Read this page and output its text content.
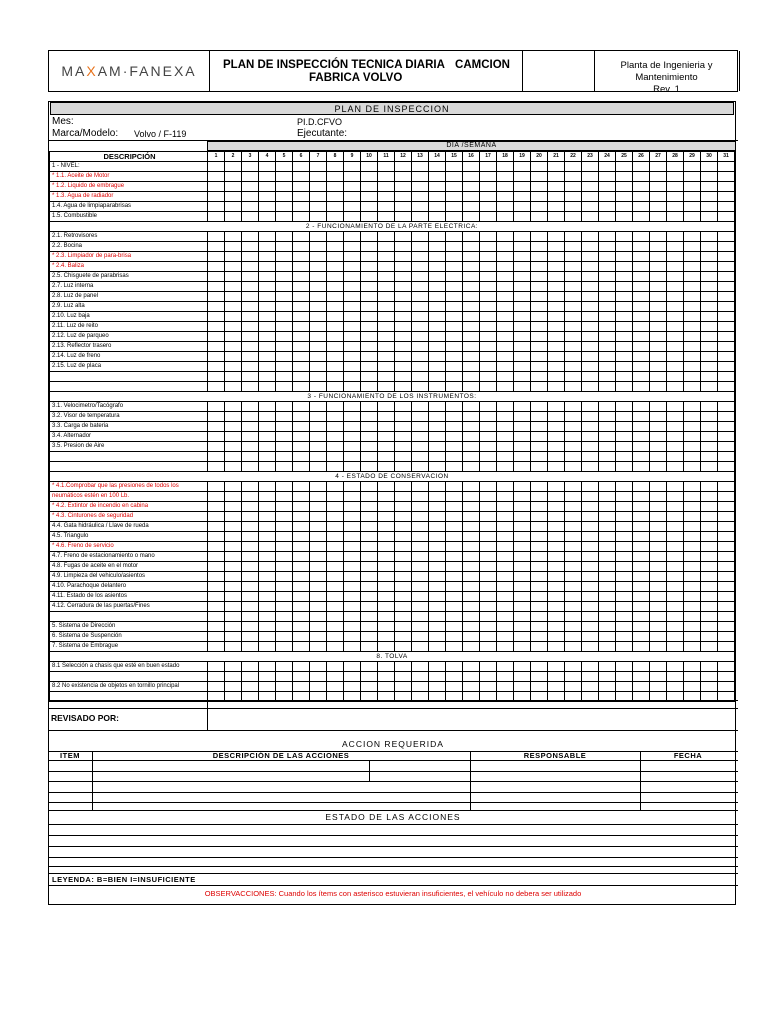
MA X AM·FANEXA PLAN DE INSPECCIÓN TECNICA DIARIA
FABRICA VOLVO
CAMCION	Planta de Ingenieria y Mantenimiento
Rev. 1
PLAN DE INSPECCION
Mes:	PI.D.CFVO
Marca/Modelo: Volvo / F-119	Ejecutante:
DIA /SEMANA
DESCRIPCIÓN	1	2	3	4	5	6	7	8	9	10	11	12	13	14	15	16	17	18	19	20	21	22	23	24	25	26	27	28	29	30	31
1 - NIVEL:																															
* 1.1. Aceite de Motor																															
* 1.2. Liquido de embrague																															
* 1.3. Agua de radiador																															
1.4. Agua de limpiaparabrisas																															
1.5. Combustible																															
2 - FUNCIONAMIENTO DE LA PARTE ELECTRICA:																															
2.1. Retrovisores																															
2.2. Bocina																															
* 2.3. Limpiador de para-brisa																															
* 2.4. Baliza																															
2.5. Chisguete de parabrisas																															
2.7. Luz interna																															
2.8. Luz de panel																															
2.9. Luz alta																															
2.10. Luz baja																															
2.11. Luz de reito																															
2.12. Luz de parqueo																															
2.13. Reflector trasero																															
2.14. Luz de freno																															
2.15. Luz de placa																															

3 - FUNCIONAMIENTO DE LOS INSTRUMENTOS:																															
3.1. Velocimetro/Tacógrafo																															
3.2. Visor de temperatura																															
3.3. Carga de bateria																															
3.4. Alternador																															
3.5. Presion de Aire																															

4 - ESTADO DE CONSERVACION																															
* 4.1.Comprobar que las presiones de todos los																															
neumáticos estén en 100 Lb.																															
* 4.2. Extintor de incendio en cabina																															
* 4.3. Cinturones de seguridad																															
4.4. Gata hidráulica / Llave de rueda																															
4.5. Triangulo																															
* 4.6. Freno de servicio																															
4.7. Freno de estacionamiento o mano																															
4.8. Fugas de aceite en el motor																															
4.9. Limpieza del vehiculo/asientos																															
4.10. Parachoque delantero																															
4.11. Estado de los asientos																															
4.12. Cerradura de las puertas/Fines																															

5. Sistema de Dirección																															
6. Sistema de Suspención																															
7. Sistema de Embrague																															
8. TOLVA																															
8.1 Selección a chasis que esté en buen estado																															

8.2 No existencia de objetos en tornillo principal																															

REVISADO POR:
ACCION REQUERIDA
ITEM	DESCRIPCIÓN DE LAS ACCIONES	RESPONSABLE	FECHA
ESTADO DE LAS ACCIONES
LEYENDA: B=BIEN I=INSUFICIENTE
OBSERVACCIONES: Cuando los ítems con asterisco estuvieran insuficientes, el vehículo no debera ser utilizado
